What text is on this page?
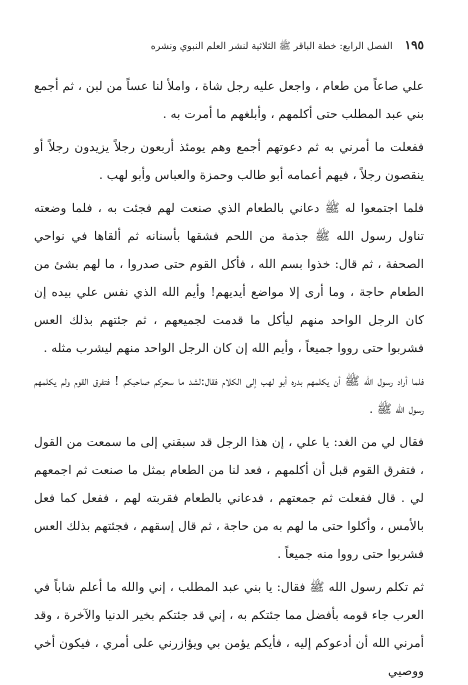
١٩٥
الفصل الرابع: خطة الباقر ﷺ الثلاثية لنشر العلم النبوي ونشره

علي صاعاً من طعام ، واجعل عليه رجل شاة ، واملأ لنا عساً من لبن ، ثم أجمع بني عبد المطلب حتى أكلمهم ، وأبلغهم ما أمرت به .

ففعلت ما أمرني به ثم دعوتهم أجمع وهم يومئذ أربعون رجلاً يزيدون رجلاً أو ينقصون رجلاً ، فيهم أعمامه أبو طالب وحمزة والعباس وأبو لهب .

فلما اجتمعوا له ﷺ دعاني بالطعام الذي صنعت لهم فجئت به ، فلما وضعته تناول رسول الله ﷺ جذمة من اللحم فشقها بأسنانه ثم ألقاها في نواحي الصحفة ، ثم قال: خذوا بسم الله ، فأكل القوم حتى صدروا ، ما لهم بشئ من الطعام حاجة ، وما أرى إلا مواضع أيديهم! وأيم الله الذي نفس علي بيده إن كان الرجل الواحد منهم ليأكل ما قدمت لجميعهم ، ثم جئتهم بذلك العس فشربوا حتى رووا جميعاً ، وأيم الله إن كان الرجل الواحد منهم ليشرب مثله .

فلما أراد رسول الله ﷺ أن يكلمهم بدره أبو لهب إلى الكلام فقال:لشد ما سحركم صاحبكم ! فتفرق القوم ولم يكلمهم رسول الله ﷺ .

فقال لي من الغد: يا علي ، إن هذا الرجل قد سبقني إلى ما سمعت من القول ، فتفرق القوم قبل أن أكلمهم ، فعد لنا من الطعام بمثل ما صنعت ثم اجمعهم لي . قال ففعلت ثم جمعتهم ، فدعاني بالطعام فقربته لهم ، ففعل كما فعل بالأمس ، وأكلوا حتى ما لهم به من حاجة ، ثم قال إسقهم ، فجئتهم بذلك العس فشربوا حتى رووا منه جميعاً .

ثم تكلم رسول الله ﷺ فقال: يا بني عبد المطلب ، إني والله ما أعلم شاباً في العرب جاء قومه بأفضل مما جئتكم به ، إني قد جئتكم بخير الدنيا والآخرة ، وقد أمرني الله أن أدعوكم إليه ، فأيكم يؤمن بي ويؤازرني على أمري ، فيكون أخي ووصيي
